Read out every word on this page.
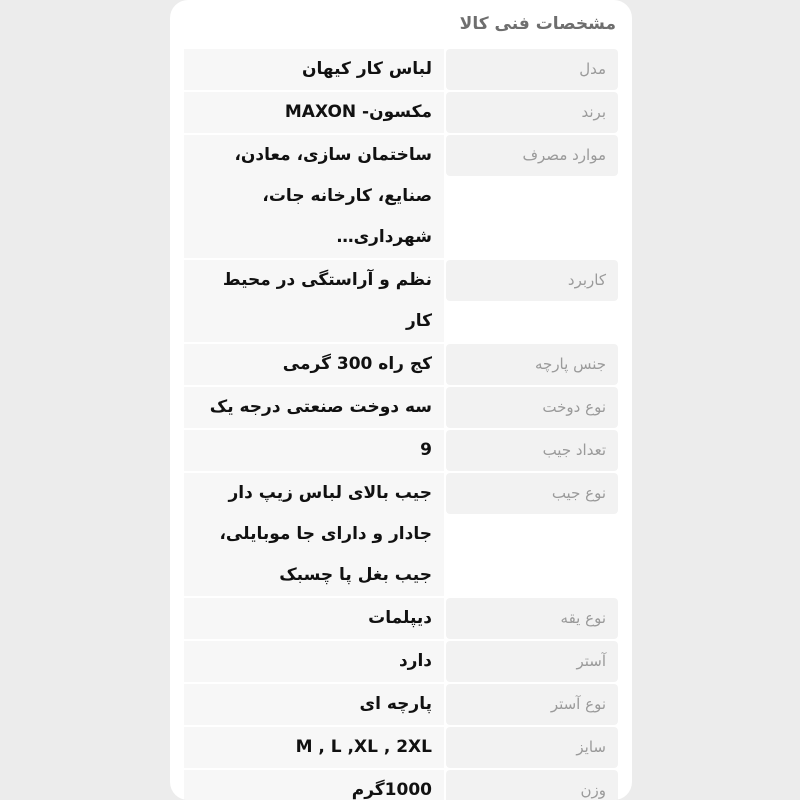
مشخصات فنی کالا
مدل
لباس کار کیهان
برند
مکسون- MAXON
موارد مصرف
ساختمان سازی، معادن،
صنایع، کارخانه جات،
شهرداری…
کاربرد
نظم و آراستگی در محیط کار
جنس پارچه
کج راه 300 گرمی
نوع دوخت
سه دوخت صنعتی درجه یک
تعداد جیب
9
نوع جیب
جیب بالای لباس زیپ دار
جادار و دارای جا موبایلی،
جیب بغل پا چسبک
نوع یقه
دیپلمات
آستر
دارد
نوع آستر
پارچه ای
سایز
M , L ,XL , 2XL
وزن
1000گرم
